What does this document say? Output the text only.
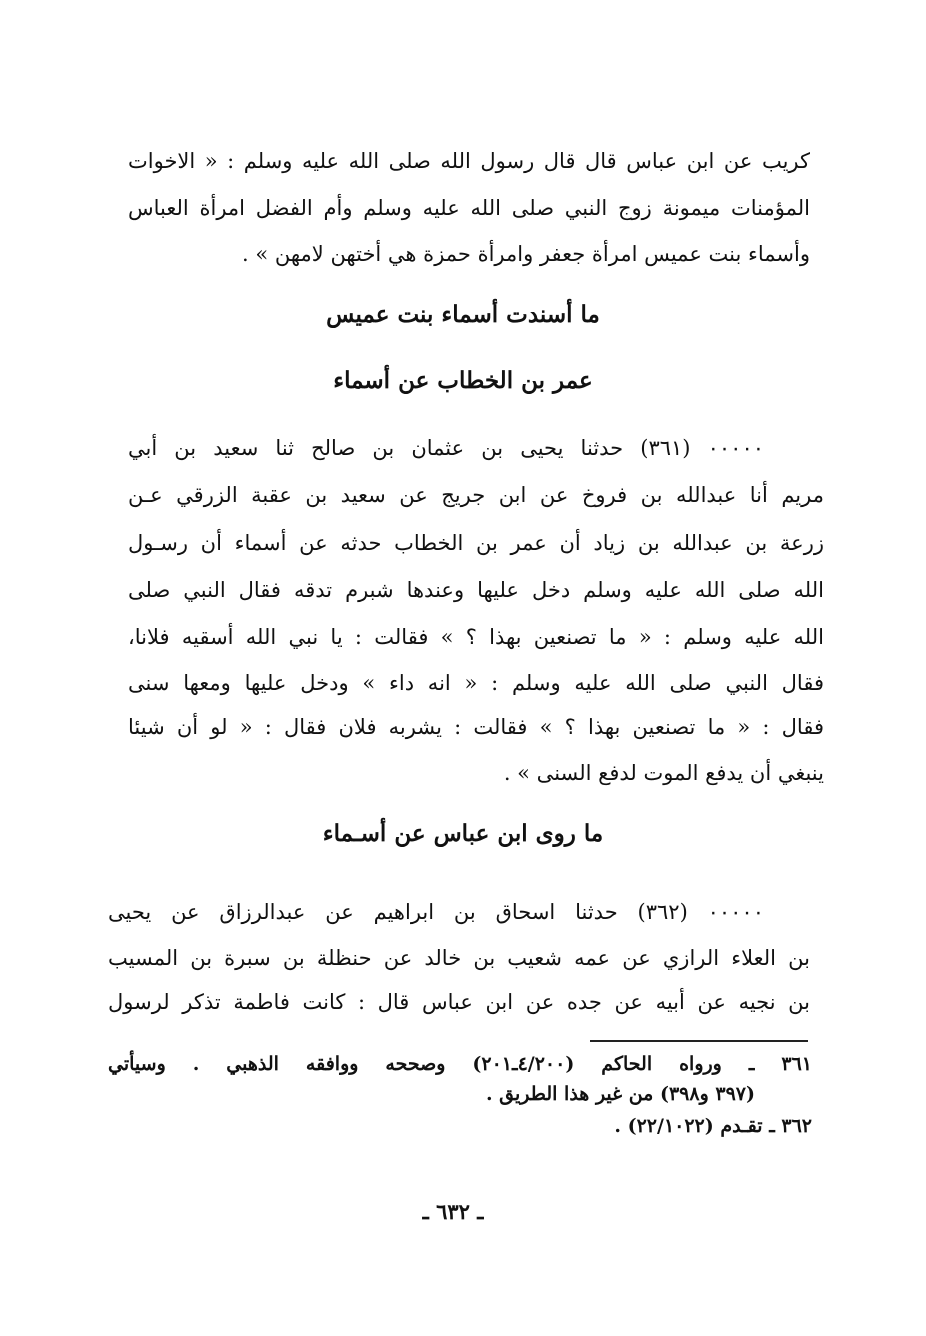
كريب عن ابن عباس قال قال رسول الله صلى الله عليه وسلم : « الاخوات
المؤمنات ميمونة زوج النبي صلى الله عليه وسلم وأم الفضل امرأة العباس
وأسماء بنت عميس امرأة جعفر وامرأة حمزة هي أختهن لامهن » .
ما أسندت أسماء بنت عميس
عمر بن الخطاب عن أسماء
٠٠٠٠٠ (٣٦١) حدثنا يحيى بن عثمان بن صالح ثنا سعيد بن أبي
مريم أنا عبدالله بن فروخ عن ابن جريج عن سعيد بن عقبة الزرقي عـن
زرعة بن عبدالله بن زياد أن عمر بن الخطاب حدثه عن أسماء أن رسـول
الله صلى الله عليه وسلم دخل عليها وعندها شبرم تدقه فقال النبي صلى
الله عليه وسلم : « ما تصنعين بهذا ؟ » فقالت : يا نبي الله أسقيه فلانا،
فقال النبي صلى الله عليه وسلم : « انه داء » ودخل عليها ومعها سنى
فقال : « ما تصنعين بهذا ؟ » فقالت : يشربه فلان فقال : « لو أن شيئا
ينبغي أن يدفع الموت لدفع السنى » .
ما روى ابن عباس عن أسـماء
٠٠٠٠٠ (٣٦٢) حدثنا اسحاق بن ابراهيم عن عبدالرزاق عن يحيى
بن العلاء الرازي عن عمه شعيب بن خالد عن حنظلة بن سبرة بن المسيب
بن نجيه عن أبيه عن جده عن ابن عباس قال : كانت فاطمة تذكر لرسول
٣٦١ ـ ورواه الحاكم (٤/٢٠٠ـ٢٠١) وصححه ووافقه الذهبي . وسيأتي
(٣٩٧ و٣٩٨) من غير هذا الطريق .
٣٦٢ ـ تقـدم (٢٢/١٠٢٢) .
ـ ٦٣٢ ـ
